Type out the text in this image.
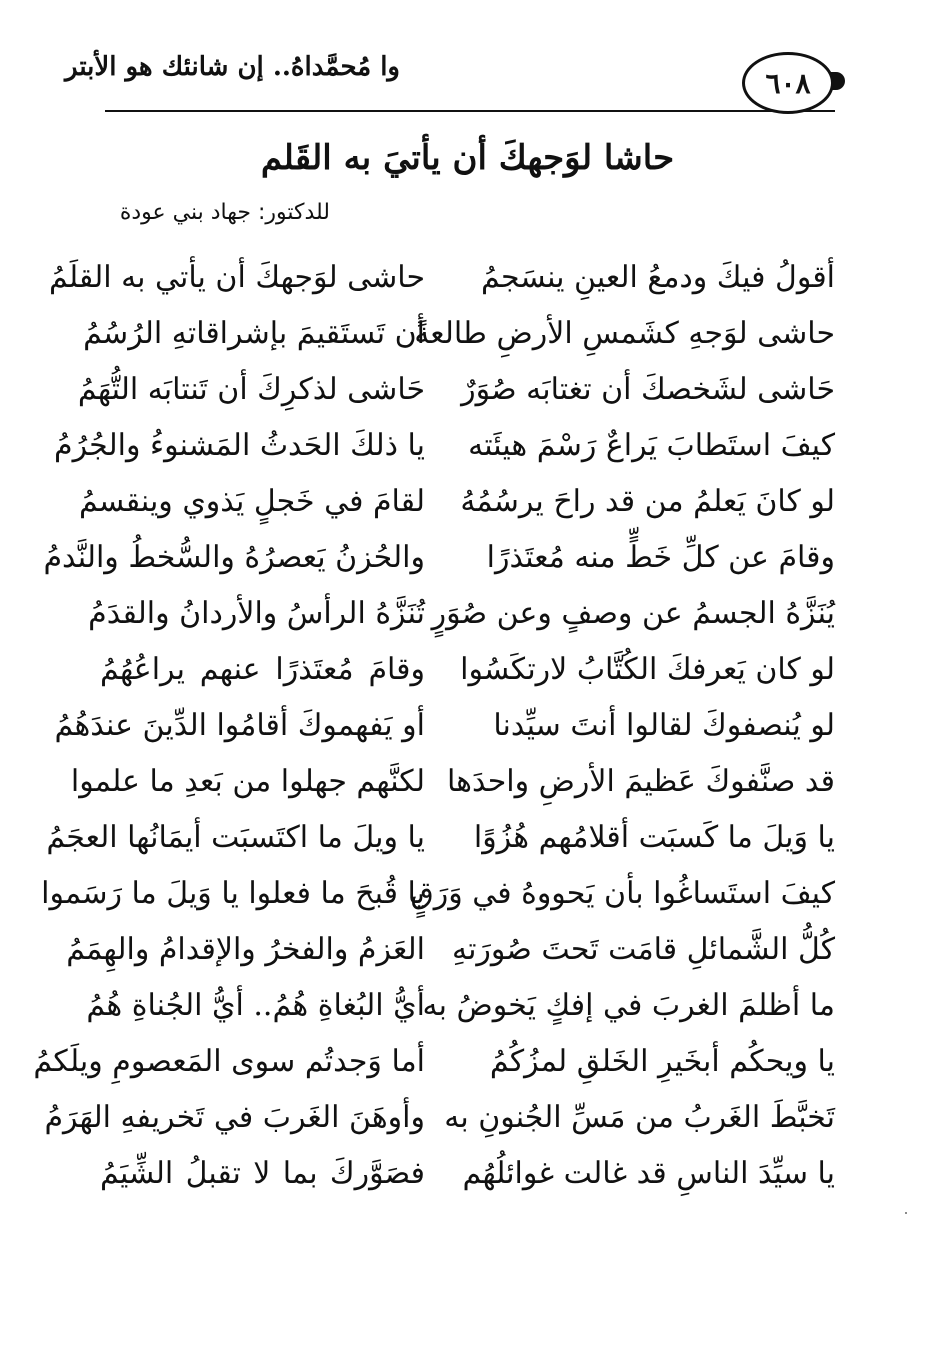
وا مُحمَّداهُ.. إن شانئك هو الأبتر	٦٠٨
حاشا لوَجهكَ أن يأتيَ به القَلم
للدكتور: جهاد بني عودة
أقولُ فيكَ ودمعُ العينِ ينسَجمُ
حاشى لوَجهكَ أن يأتي به القلَمُ
حاشى لوَجهِ كشَمسِ الأرضِ طالعةً
أن تَستَقيمَ بإشراقاتهِ الرُسُمُ
حَاشى لشَخصكَ أن تغتابَه صُوَرٌ
حَاشى لذكرِكَ أن تَنتابَه التُّهَمُ
كيفَ استَطابَ يَراعٌ رَسْمَ هيئَته
يا ذلكَ الحَدثُ المَشنوءُ والجُرُمُ
لو كانَ يَعلمُ من قد راحَ يرسُمُهُ
لقامَ في خَجلٍ يَذوي وينقسمُ
وقامَ عن كلِّ خَطٍّ منه مُعتَذرًا
والحُزنُ يَعصرُهُ والسُّخطُ والنَّدمُ
يُنَزَّهُ الجسمُ عن وصفٍ وعن صُوَرٍ
تُنَزَّهُ الرأسُ والأردانُ والقدَمُ
لو كان يَعرفكَ الكُتَّابُ لارتكَسُوا
وقامَ مُعتَذرًا عنهم يراعُهُمُ
لو يُنصفوكَ لقالوا أنتَ سيِّدنا
أو يَفهموكَ أقامُوا الدِّينَ عندَهُمُ
قد صنَّفوكَ عَظيمَ الأرضِ واحدَها
لكنَّهم جهلوا من بَعدِ ما علموا
يا وَيلَ ما كَسبَت أقلامُهم هُزُوًا
يا ويلَ ما اكتَسبَت أيمَانُها العجَمُ
كيفَ استَساغُوا بأن يَحووهُ في وَرَقٍ
يا قُبحَ ما فعلوا يا وَيلَ ما رَسَموا
كُلُّ الشَّمائلِ قامَت تَحتَ صُورَتهِ
العَزمُ والفخرُ والإقدامُ والهِمَمُ
ما أظلمَ الغربَ في إفكٍ يَخوضُ به
أيُّ البُغاةِ هُمُ.. أيُّ الجُناةِ هُمُ
يا ويحكُم أبخَيرِ الخَلقِ لمزُكُمُ
أما وَجدتُم سوى المَعصومِ ويلَكمُ
تَخبَّطَ الغَربُ من مَسِّ الجُنونِ به
وأوهَنَ الغَربَ في تَخريفهِ الهَرَمُ
يا سيِّدَ الناسِ قد غالت غوائلُهُم
فصَوَّركَ بما لا تقبلُ الشِّيَمُ
